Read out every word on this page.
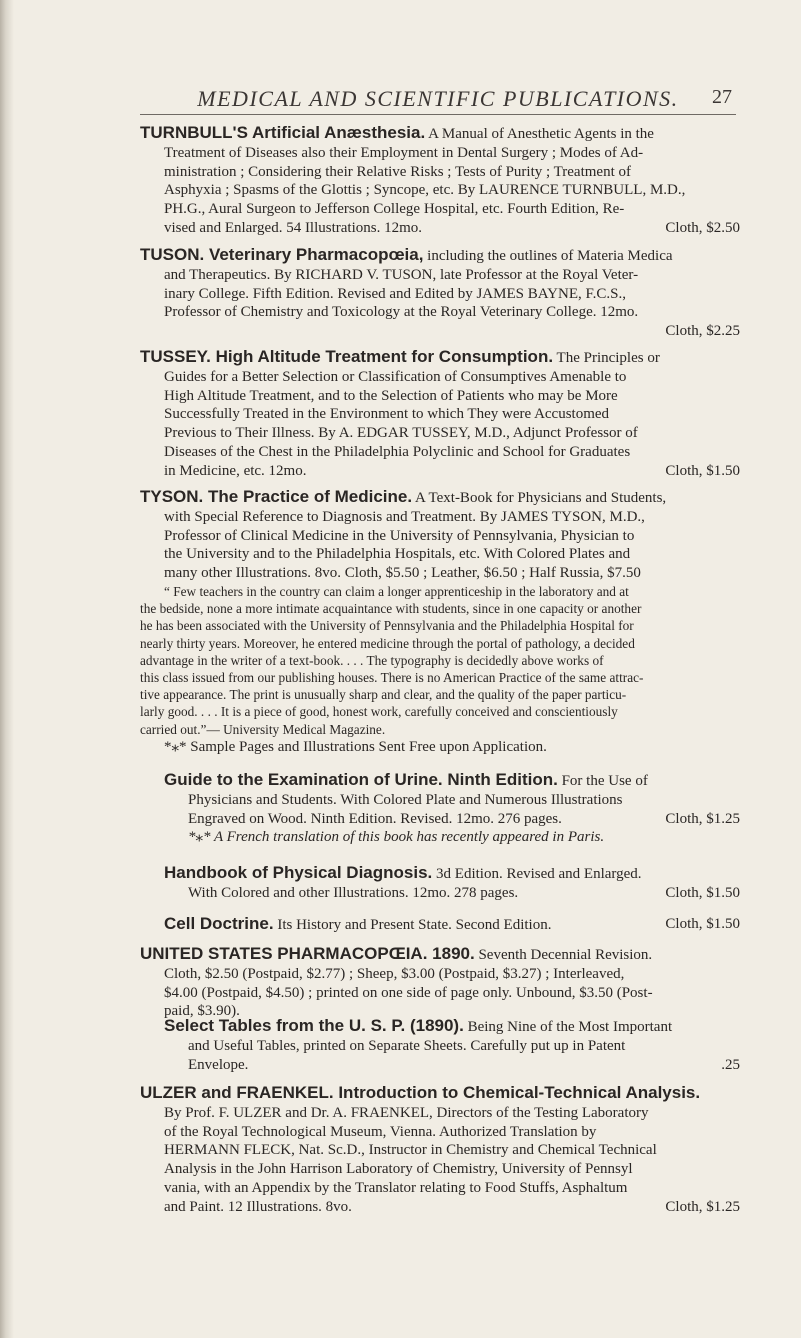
MEDICAL AND SCIENTIFIC PUBLICATIONS.	27
TURNBULL'S Artificial Anæsthesia. A Manual of Anesthetic Agents in the
Treatment of Diseases also their Employment in Dental Surgery ; Modes of Ad-
ministration ; Considering their Relative Risks ; Tests of Purity ; Treatment of
Asphyxia ; Spasms of the Glottis ; Syncope, etc. By LAURENCE TURNBULL, M.D.,
PH.G., Aural Surgeon to Jefferson College Hospital, etc. Fourth Edition, Re-
vised and Enlarged. 54 Illustrations. 12mo.	Cloth, $2.50
TUSON. Veterinary Pharmacopœia, including the outlines of Materia Medica
and Therapeutics. By RICHARD V. TUSON, late Professor at the Royal Veter-
inary College. Fifth Edition. Revised and Edited by JAMES BAYNE, F.C.S.,
Professor of Chemistry and Toxicology at the Royal Veterinary College. 12mo.
Cloth, $2.25
TUSSEY. High Altitude Treatment for Consumption. The Principles or
Guides for a Better Selection or Classification of Consumptives Amenable to
High Altitude Treatment, and to the Selection of Patients who may be More
Successfully Treated in the Environment to which They were Accustomed
Previous to Their Illness. By A. EDGAR TUSSEY, M.D., Adjunct Professor of
Diseases of the Chest in the Philadelphia Polyclinic and School for Graduates
in Medicine, etc. 12mo.	Cloth, $1.50
TYSON. The Practice of Medicine. A Text-Book for Physicians and Students,
with Special Reference to Diagnosis and Treatment. By JAMES TYSON, M.D.,
Professor of Clinical Medicine in the University of Pennsylvania, Physician to
the University and to the Philadelphia Hospitals, etc. With Colored Plates and
many other Illustrations. 8vo. Cloth, $5.50 ; Leather, $6.50 ; Half Russia, $7.50
“ Few teachers in the country can claim a longer apprenticeship in the laboratory and at
the bedside, none a more intimate acquaintance with students, since in one capacity or another
he has been associated with the University of Pennsylvania and the Philadelphia Hospital for
nearly thirty years. Moreover, he entered medicine through the portal of pathology, a decided
advantage in the writer of a text-book. . . . The typography is decidedly above works of
this class issued from our publishing houses. There is no American Practice of the same attrac-
tive appearance. The print is unusually sharp and clear, and the quality of the paper particu-
larly good. . . . It is a piece of good, honest work, carefully conceived and conscientiously
carried out.”— University Medical Magazine.
*⁎* Sample Pages and Illustrations Sent Free upon Application.
Guide to the Examination of Urine. Ninth Edition. For the Use of
Physicians and Students. With Colored Plate and Numerous Illustrations
Engraved on Wood. Ninth Edition. Revised. 12mo. 276 pages.	Cloth, $1.25
*⁎* A French translation of this book has recently appeared in Paris.
Handbook of Physical Diagnosis. 3d Edition. Revised and Enlarged.
With Colored and other Illustrations. 12mo. 278 pages.	Cloth, $1.50
Cell Doctrine. Its History and Present State. Second Edition.	Cloth, $1.50
UNITED STATES PHARMACOPŒIA. 1890. Seventh Decennial Revision.
Cloth, $2.50 (Postpaid, $2.77) ; Sheep, $3.00 (Postpaid, $3.27) ; Interleaved,
$4.00 (Postpaid, $4.50) ; printed on one side of page only. Unbound, $3.50 (Post-
paid, $3.90).
Select Tables from the U. S. P. (1890). Being Nine of the Most Important
and Useful Tables, printed on Separate Sheets. Carefully put up in Patent
Envelope.	.25
ULZER and FRAENKEL. Introduction to Chemical-Technical Analysis.
By Prof. F. ULZER and Dr. A. FRAENKEL, Directors of the Testing Laboratory
of the Royal Technological Museum, Vienna. Authorized Translation by
HERMANN FLECK, Nat. Sc.D., Instructor in Chemistry and Chemical Technical
Analysis in the John Harrison Laboratory of Chemistry, University of Pennsyl
vania, with an Appendix by the Translator relating to Food Stuffs, Asphaltum
and Paint. 12 Illustrations. 8vo.	Cloth, $1.25
